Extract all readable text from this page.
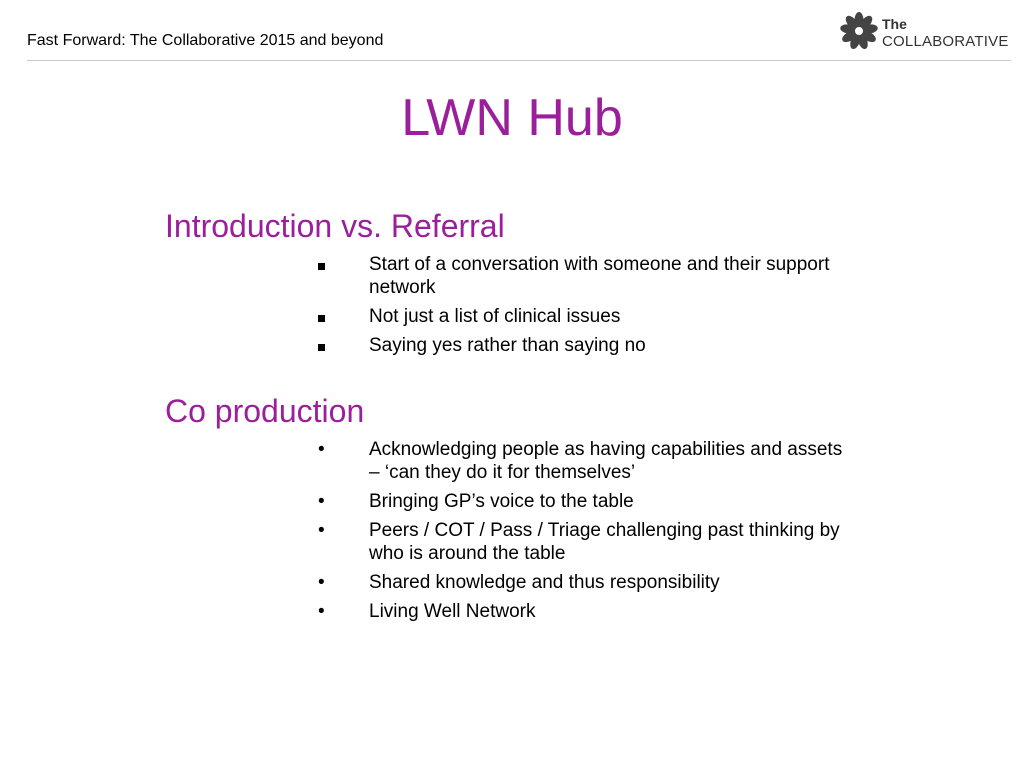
Fast Forward: The Collaborative 2015 and beyond
The
COLLABORATIVE
LWN Hub
Introduction vs. Referral
Start of a conversation with someone and their support network
Not just a list of clinical issues
Saying yes rather than saying no
Co production
•	Acknowledging people as having capabilities and assets – ‘can they do it for themselves’
•	Bringing GP’s voice to the table
•	Peers / COT / Pass / Triage challenging past thinking by who is around the table
•	Shared knowledge and thus responsibility
•	Living Well Network
